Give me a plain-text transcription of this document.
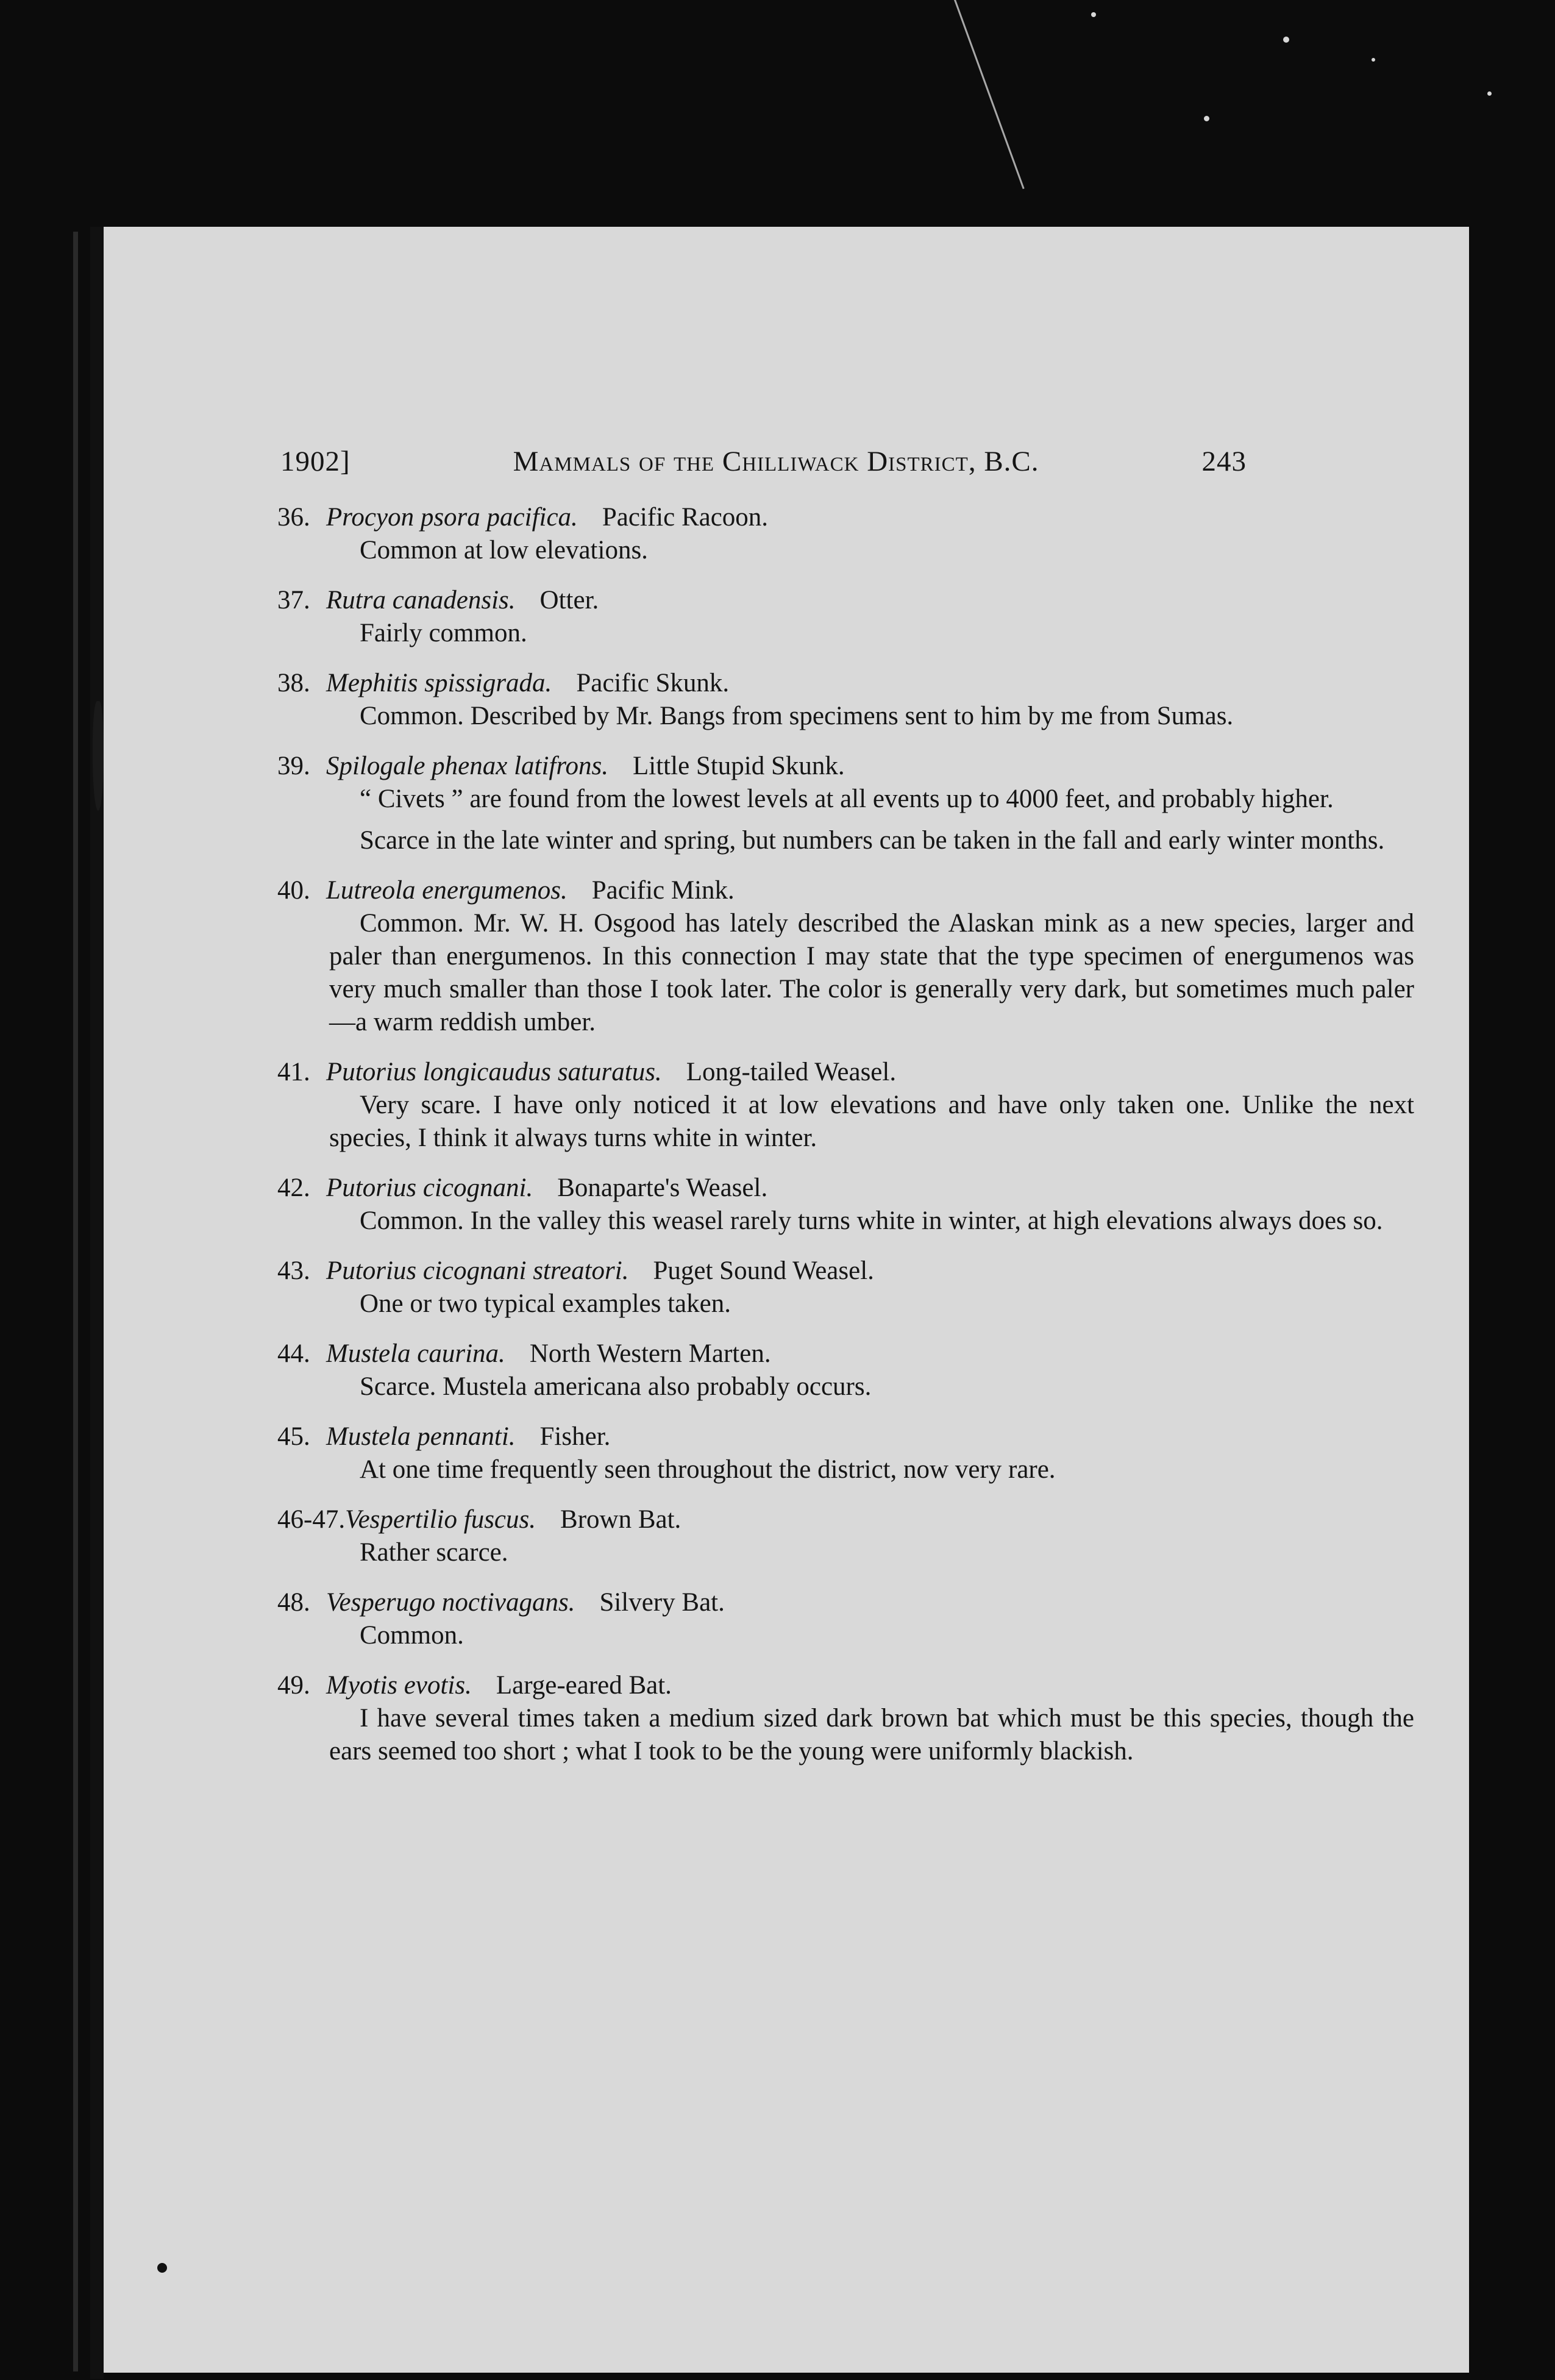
1902]	Mammals of the Chilliwack District, B.C.	243
36. Procyon psora pacifica. Pacific Racoon.
Common at low elevations.
37. Rutra canadensis. Otter.
Fairly common.
38. Mephitis spissigrada. Pacific Skunk.
Common. Described by Mr. Bangs from specimens sent to him by me from Sumas.
39. Spilogale phenax latifrons. Little Stupid Skunk.
“ Civets ” are found from the lowest levels at all events up to 4000 feet, and probably higher.
Scarce in the late winter and spring, but numbers can be taken in the fall and early winter months.
40. Lutreola energumenos. Pacific Mink.
Common. Mr. W. H. Osgood has lately described the Alaskan mink as a new species, larger and paler than energumenos. In this connection I may state that the type specimen of energumenos was very much smaller than those I took later. The color is generally very dark, but sometimes much paler—a warm reddish umber.
41. Putorius longicaudus saturatus. Long-tailed Weasel.
Very scare. I have only noticed it at low elevations and have only taken one. Unlike the next species, I think it always turns white in winter.
42. Putorius cicognani. Bonaparte's Weasel.
Common. In the valley this weasel rarely turns white in winter, at high elevations always does so.
43. Putorius cicognani streatori. Puget Sound Weasel.
One or two typical examples taken.
44. Mustela caurina. North Western Marten.
Scarce. Mustela americana also probably occurs.
45. Mustela pennanti. Fisher.
At one time frequently seen throughout the district, now very rare.
46-47.Vespertilio fuscus. Brown Bat.
Rather scarce.
48. Vesperugo noctivagans. Silvery Bat.
Common.
49. Myotis evotis. Large-eared Bat.
I have several times taken a medium sized dark brown bat which must be this species, though the ears seemed too short ; what I took to be the young were uniformly blackish.
